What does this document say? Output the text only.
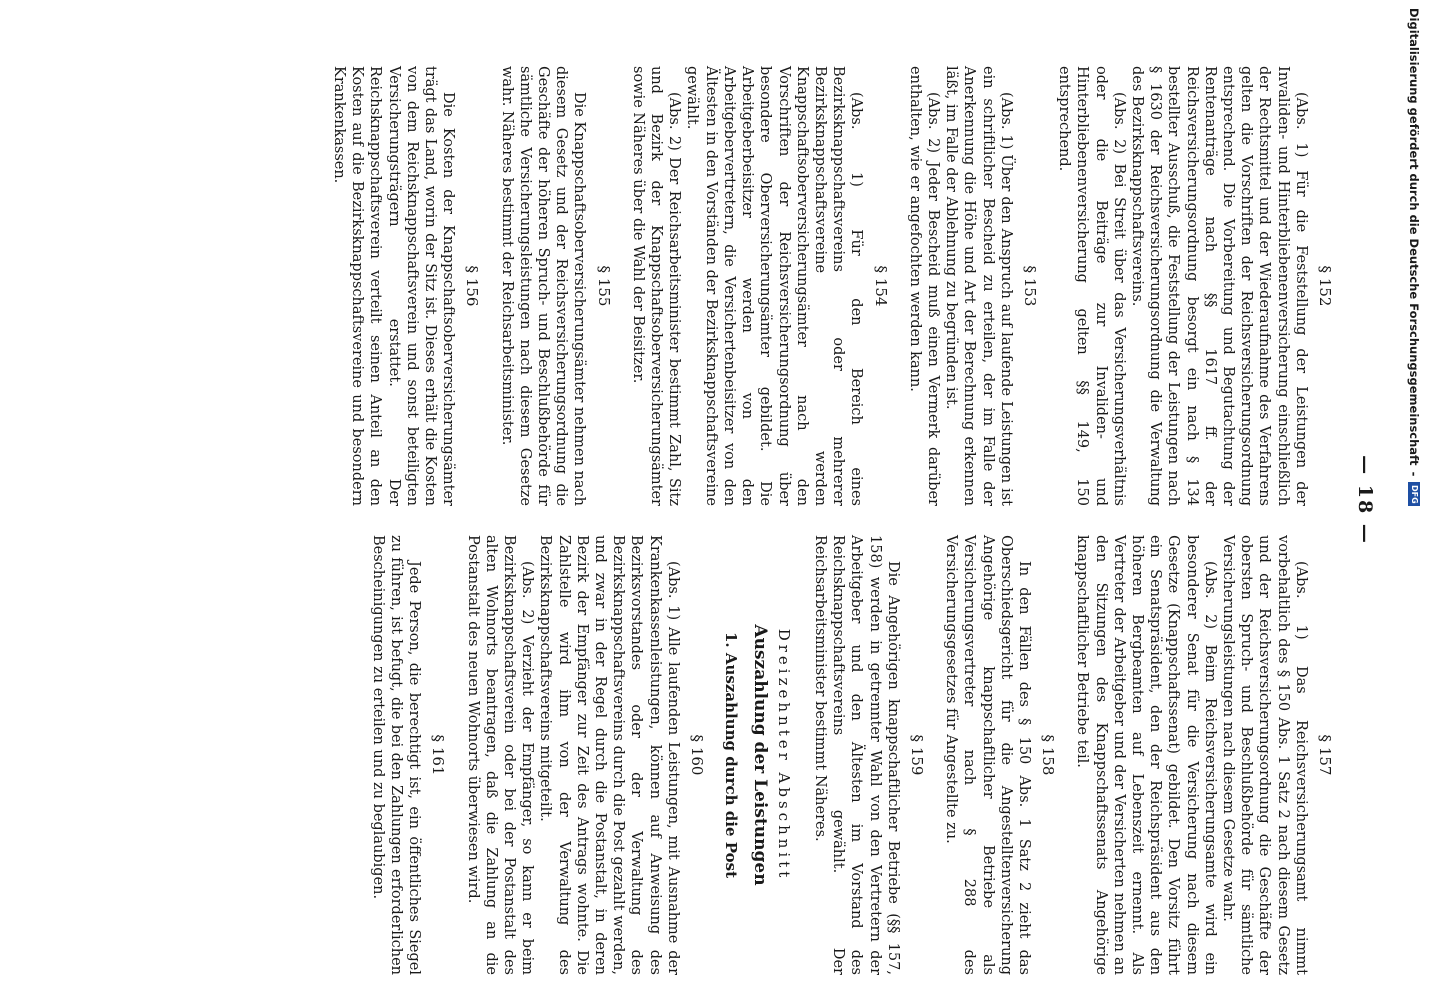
— 18 —
§ 152

(Abs. 1) Für die Feststellung der Leistungen der Invaliden- und Hinterbliebenenversicherung einschließlich der Rechtsmittel und der Wiederaufnahme des Verfahrens gelten die Vorschriften der Reichsversicherungsordnung entsprechend. Die Vorbereitung und Begutachtung der Rentenanträge nach §§ 1617 ff. der Reichsversicherungsordnung besorgt ein nach § 134 bestellter Ausschuß, die Feststellung der Leistungen nach § 1630 der Reichsversicherungsordnung die Verwaltung des Bezirksknappschaftsvereins.

(Abs. 2) Bei Streit über das Versicherungsverhältnis oder die Beiträge zur Invaliden- und Hinterbliebenenversicherung gelten §§ 149, 150 entsprechend.

§ 153

(Abs. 1) Über den Anspruch auf laufende Leistungen ist ein schriftlicher Bescheid zu erteilen, der im Falle der Anerkennung die Höhe und Art der Berechnung erkennen läßt, im Falle der Ablehnung zu begründen ist.

(Abs. 2) Jeder Bescheid muß einen Vermerk darüber enthalten, wie er angefochten werden kann.

§ 154

(Abs. 1) Für den Bereich eines Bezirksknappschaftsvereins oder mehrerer Bezirksknappschaftsvereine werden Knappschaftsoberversicherungsämter nach den Vorschriften der Reichsversicherungsordnung über besondere Oberversicherungsämter gebildet. Die Arbeitgeberbeisitzer werden von den Arbeitgebervertretern, die Versichertenbeisitzer von den Ältesten in den Vorständen der Bezirksknappschaftsvereine gewählt.

(Abs. 2) Der Reichsarbeitsminister bestimmt Zahl, Sitz und Bezirk der Knappschaftsoberversicherungsämter sowie Näheres über die Wahl der Beisitzer.

§ 155

Die Knappschaftsoberversicherungsämter nehmen nach diesem Gesetz und der Reichsversicherungsordnung die Geschäfte der höheren Spruch- und Beschlußbehörde für sämtliche Versicherungsleistungen nach diesem Gesetze wahr. Näheres bestimmt der Reichsarbeitsminister.

§ 156

Die Kosten der Knappschaftsoberversicherungsämter trägt das Land, worin der Sitz ist. Dieses erhält die Kosten von dem Reichsknappschaftsverein und sonst beteiligten Versicherungsträgern erstattet. Der Reichsknappschaftsverein verteilt seinen Anteil an den Kosten auf die Bezirksknappschaftsvereine und besondern Krankenkassen.

§ 157

(Abs. 1) Das Reichsversicherungsamt nimmt vorbehaltlich des § 150 Abs. 1 Satz 2 nach diesem Gesetz und der Reichsversicherungsordnung die Geschäfte der obersten Spruch- und Beschlußbehörde für sämtliche Versicherungsleistungen nach diesem Gesetze wahr.

(Abs. 2) Beim Reichsversicherungsamte wird ein besonderer Senat für die Versicherung nach diesem Gesetze (Knappschaftssenat) gebildet. Den Vorsitz führt ein Senatspräsident, den der Reichspräsident aus den höheren Bergbeamten auf Lebenszeit ernennt. Als Vertreter der Arbeitgeber und der Versicherten nehmen an den Sitzungen des Knappschaftssenats Angehörige knappschaftlicher Betriebe teil.

§ 158

In den Fällen des § 150 Abs. 1 Satz 2 zieht das Oberschiedsgericht für die Angestelltenversicherung Angehörige knappschaftlicher Betriebe als Versicherungsvertreter nach § 288 des Versicherungsgesetzes für Angestellte zu.

§ 159

Die Angehörigen knappschaftlicher Betriebe (§§ 157, 158) werden in getrennter Wahl von den Vertretern der Arbeitgeber und den Ältesten im Vorstand des Reichsknappschaftsvereins gewählt. Der Reichsarbeitsminister bestimmt Näheres.

Dreizehnter Abschnitt
Auszahlung der Leistungen
1. Auszahlung durch die Post
§ 160

(Abs. 1) Alle laufenden Leistungen, mit Ausnahme der Krankenkassenleistungen, können auf Anweisung des Bezirksvorstandes oder der Verwaltung des Bezirksknappschaftsvereins durch die Post gezahlt werden, und zwar in der Regel durch die Postanstalt, in deren Bezirk der Empfänger zur Zeit des Antrags wohnte. Die Zahlstelle wird ihm von der Verwaltung des Bezirksknappschaftsvereins mitgeteilt.

(Abs. 2) Verzieht der Empfänger, so kann er beim Bezirksknappschaftsverein oder bei der Postanstalt des alten Wohnorts beantragen, daß die Zahlung an die Postanstalt des neuen Wohnorts überwiesen wird.

§ 161

Jede Person, die berechtigt ist, ein öffentliches Siegel zu führen, ist befugt, die bei den Zahlungen erforderlichen Bescheinigungen zu erteilen und zu beglaubigen.

Digitalisierung gefördert durch die Deutsche Forschungsgemeinschaft
-
DFG
